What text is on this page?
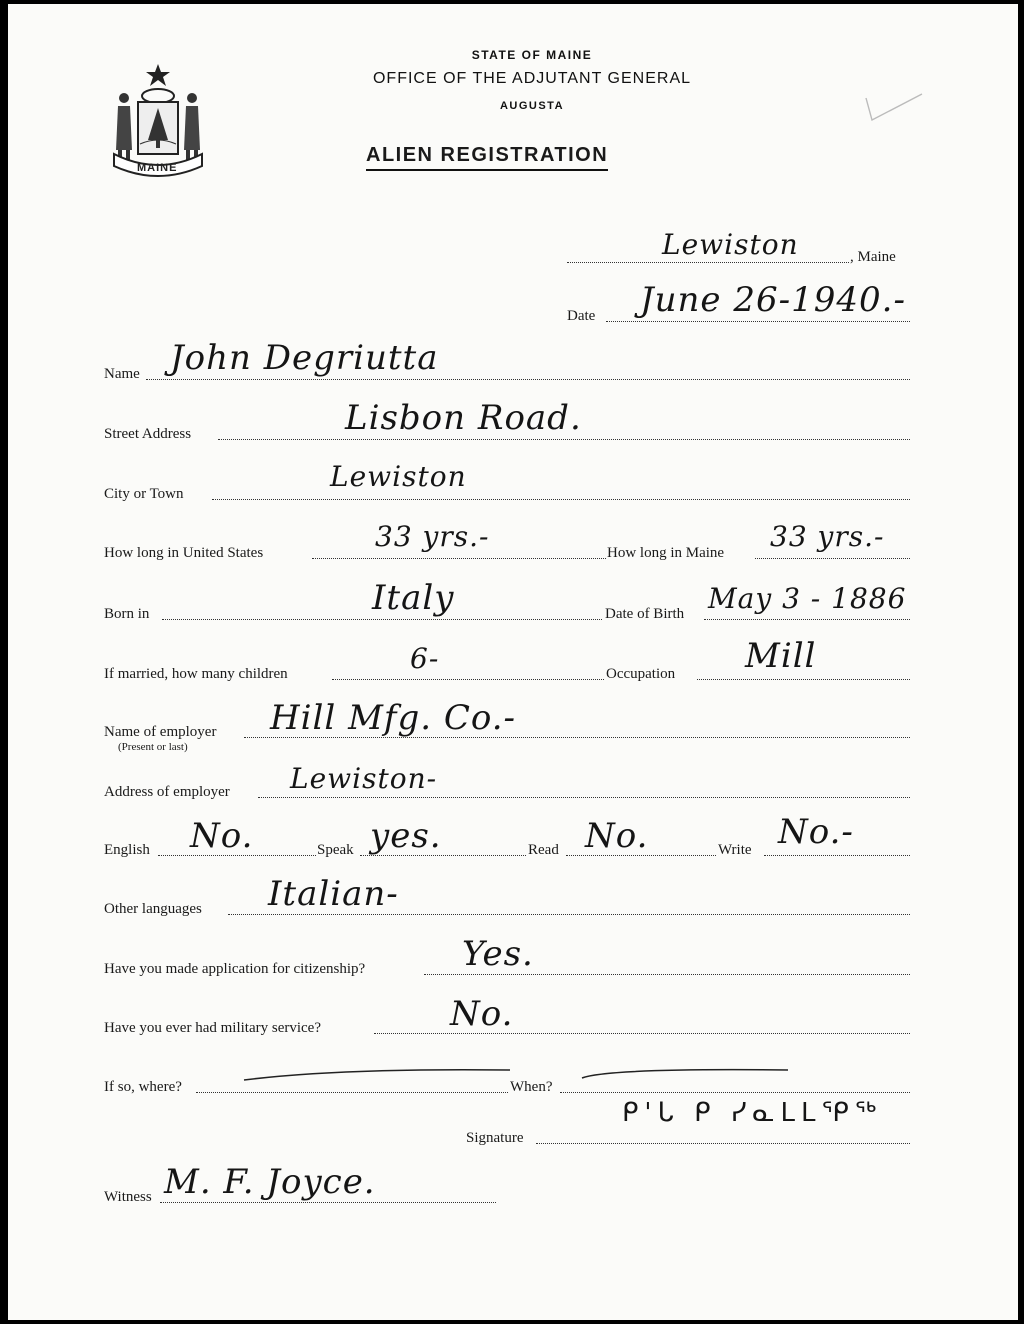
MAINE
STATE OF MAINE
OFFICE OF THE ADJUTANT GENERAL
AUGUSTA
ALIEN REGISTRATION
Lewiston	, Maine
Date June 26-1940.-
Name John Degriutta
Street Address	Lisbon Road.
City or Town
Lewiston
How long in United States	33 yrs.-	How long in Maine 33 yrs.-
Born in	Italy	Date of Birth May 3 - 1886
If married, how many children	6-	Occupation Mill
Name of employer
(Present or last)
Hill Mfg. Co.-
Address of employer Lewiston-
English No.	Speak yes.	Read No.	Write No.-
Other languages Italian-
Have you made application for citizenship?	Yes.
Have you ever had military service?	No.
If so, where?	When?
Signature
ᑭ'ᒐ ᑭ ᓯᓇᒪᒪᕿᖅ
Witness M. F. Joyce.
